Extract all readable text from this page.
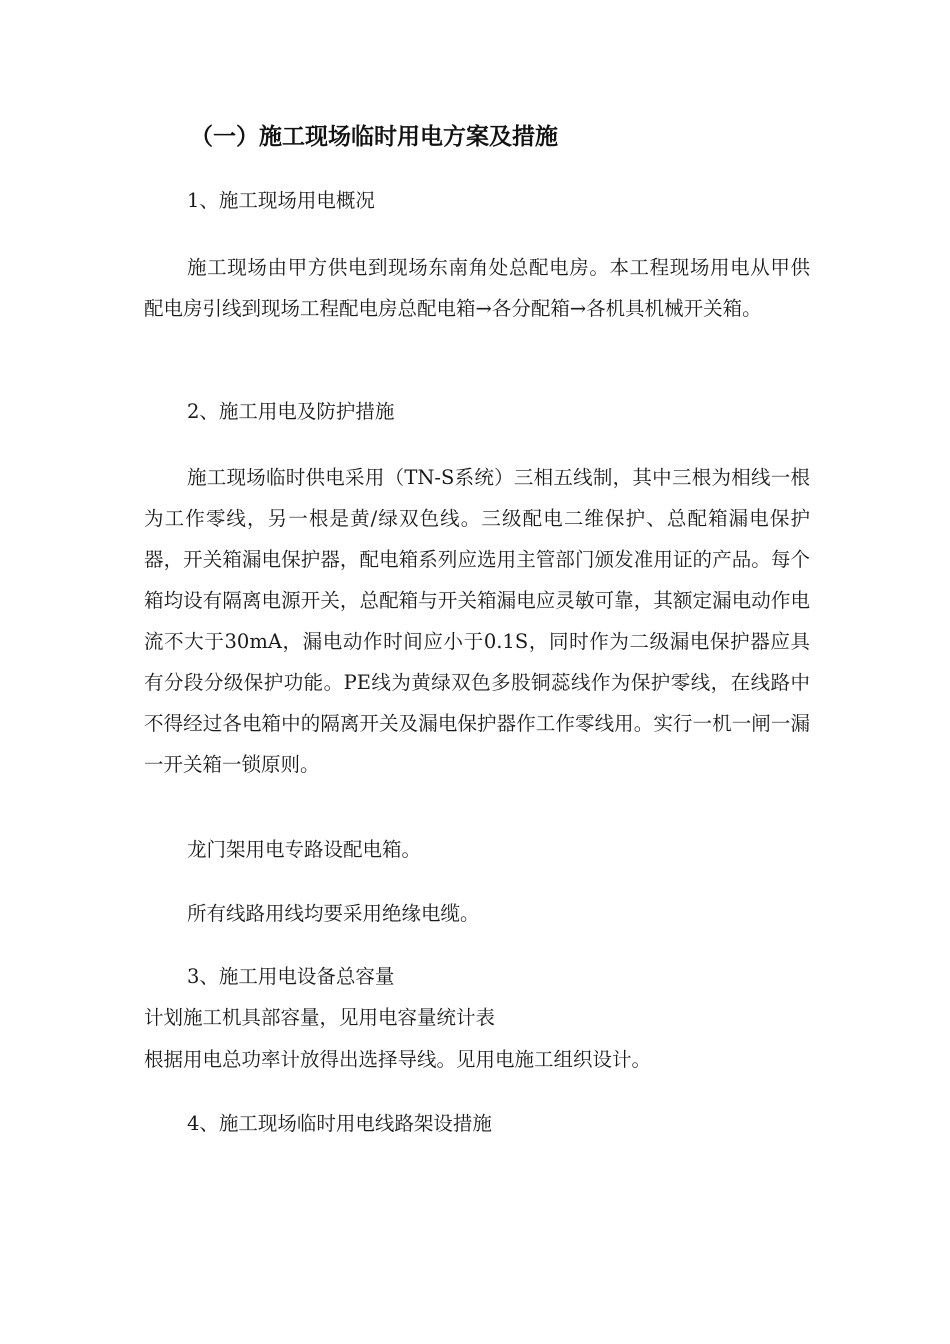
（一）施工现场临时用电方案及措施

1、施工现场用电概况

施工现场由甲方供电到现场东南角处总配电房。本工程现场用电从甲供配电房引线到现场工程配电房总配电箱→各分配箱→各机具机械开关箱。

2、施工用电及防护措施

施工现场临时供电采用（TN-S系统）三相五线制，其中三根为相线一根为工作零线，另一根是黄/绿双色线。三级配电二维保护、总配箱漏电保护器，开关箱漏电保护器，配电箱系列应选用主管部门颁发准用证的产品。每个箱均设有隔离电源开关，总配箱与开关箱漏电应灵敏可靠，其额定漏电动作电流不大于30mA，漏电动作时间应小于0.1S，同时作为二级漏电保护器应具有分段分级保护功能。PE线为黄绿双色多股铜蕊线作为保护零线，在线路中不得经过各电箱中的隔离开关及漏电保护器作工作零线用。实行一机一闸一漏一开关箱一锁原则。

龙门架用电专路设配电箱。

所有线路用线均要采用绝缘电缆。

3、施工用电设备总容量

计划施工机具部容量，见用电容量统计表

根据用电总功率计放得出选择导线。见用电施工组织设计。

4、施工现场临时用电线路架设措施
